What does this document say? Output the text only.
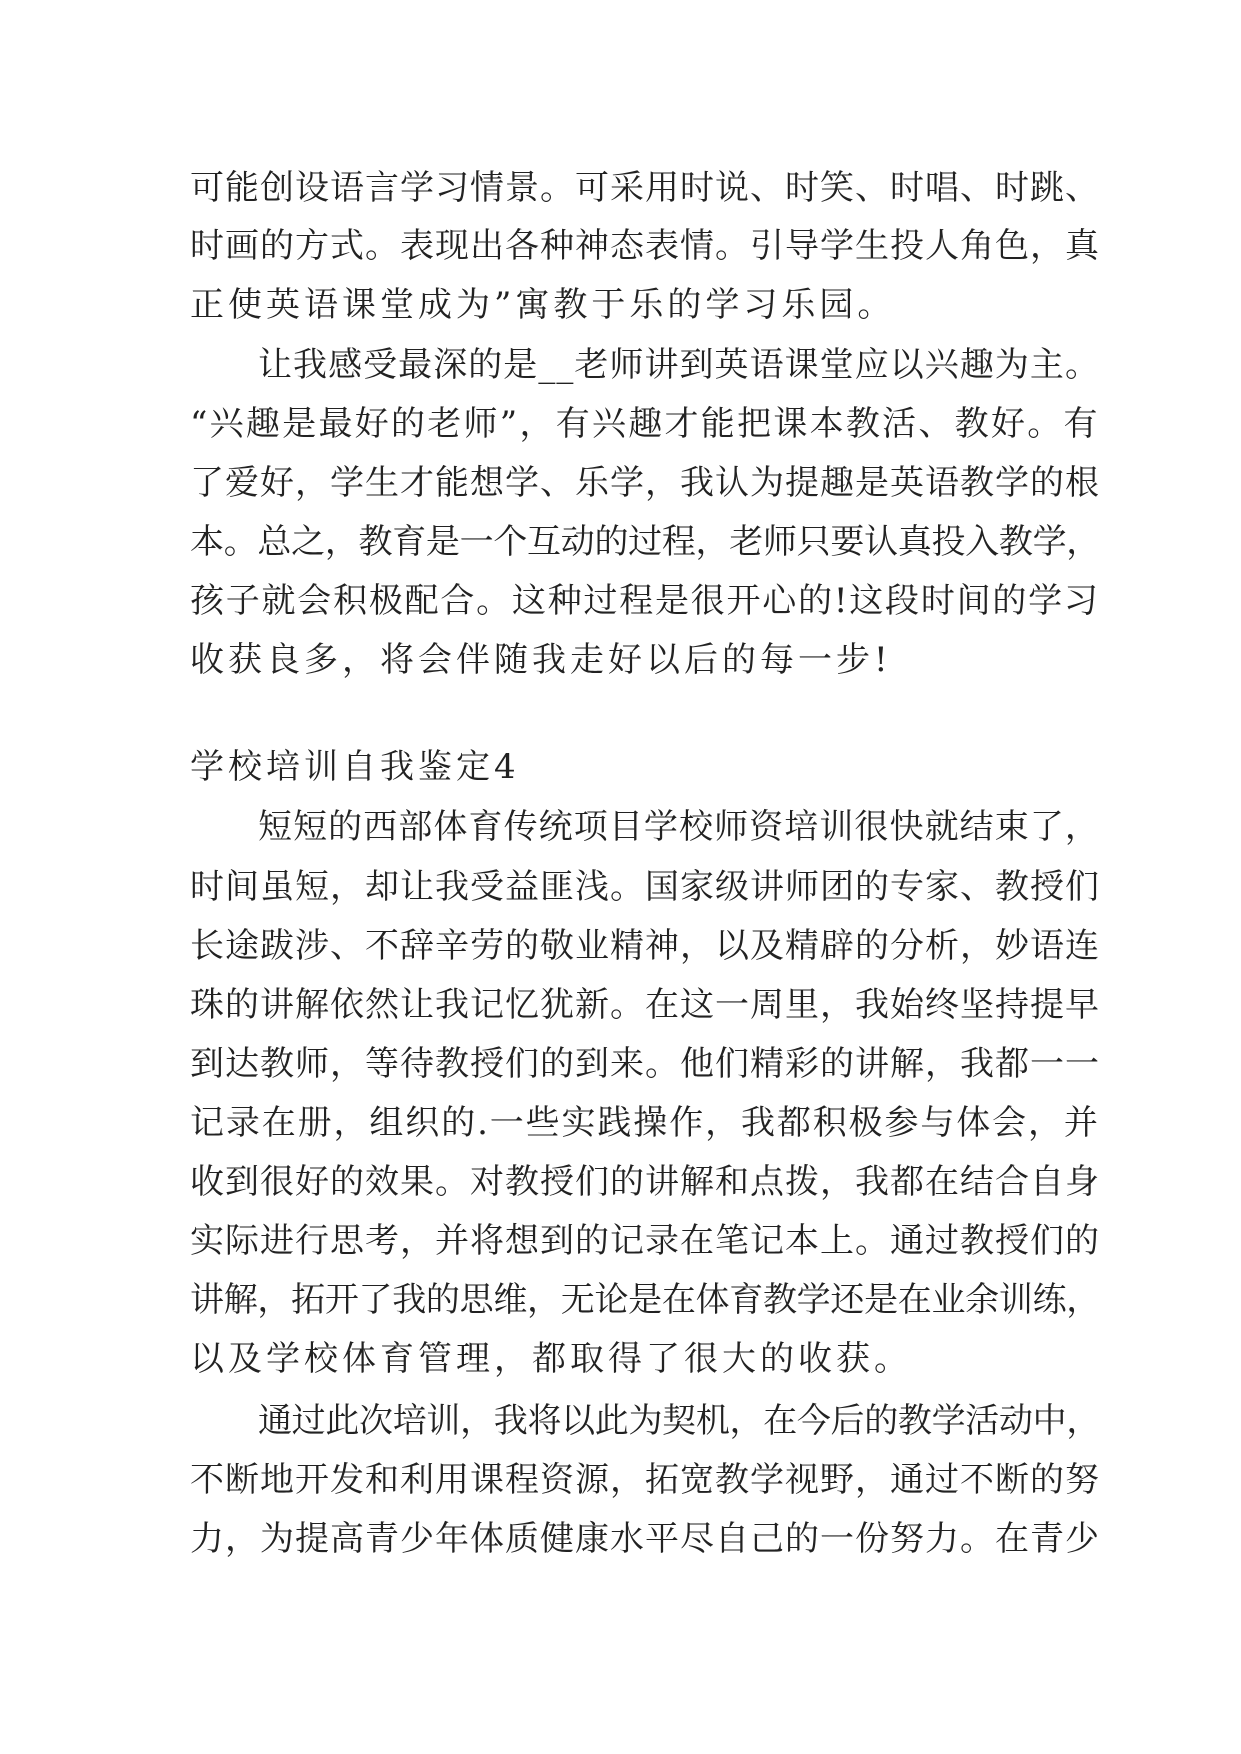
可能创设语言学习情景。可采用时说、时笑、时唱、时跳、
时画的方式。表现出各种神态表情。引导学生投人角色，真
正使英语课堂成为”寓教于乐的学习乐园。
让我感受最深的是__老师讲到英语课堂应以兴趣为主。
“兴趣是最好的老师”，有兴趣才能把课本教活、教好。有
了爱好，学生才能想学、乐学，我认为提趣是英语教学的根
本。总之，教育是一个互动的过程，老师只要认真投入教学，
孩子就会积极配合。这种过程是很开心的!这段时间的学习
收获良多，将会伴随我走好以后的每一步!
学校培训自我鉴定4
短短的西部体育传统项目学校师资培训很快就结束了，
时间虽短，却让我受益匪浅。国家级讲师团的专家、教授们
长途跋涉、不辞辛劳的敬业精神，以及精辟的分析，妙语连
珠的讲解依然让我记忆犹新。在这一周里，我始终坚持提早
到达教师，等待教授们的到来。他们精彩的讲解，我都一一
记录在册，组织的.一些实践操作，我都积极参与体会，并
收到很好的效果。对教授们的讲解和点拨，我都在结合自身
实际进行思考，并将想到的记录在笔记本上。通过教授们的
讲解，拓开了我的思维，无论是在体育教学还是在业余训练，
以及学校体育管理，都取得了很大的收获。
通过此次培训，我将以此为契机，在今后的教学活动中，
不断地开发和利用课程资源，拓宽教学视野，通过不断的努
力，为提高青少年体质健康水平尽自己的一份努力。在青少
